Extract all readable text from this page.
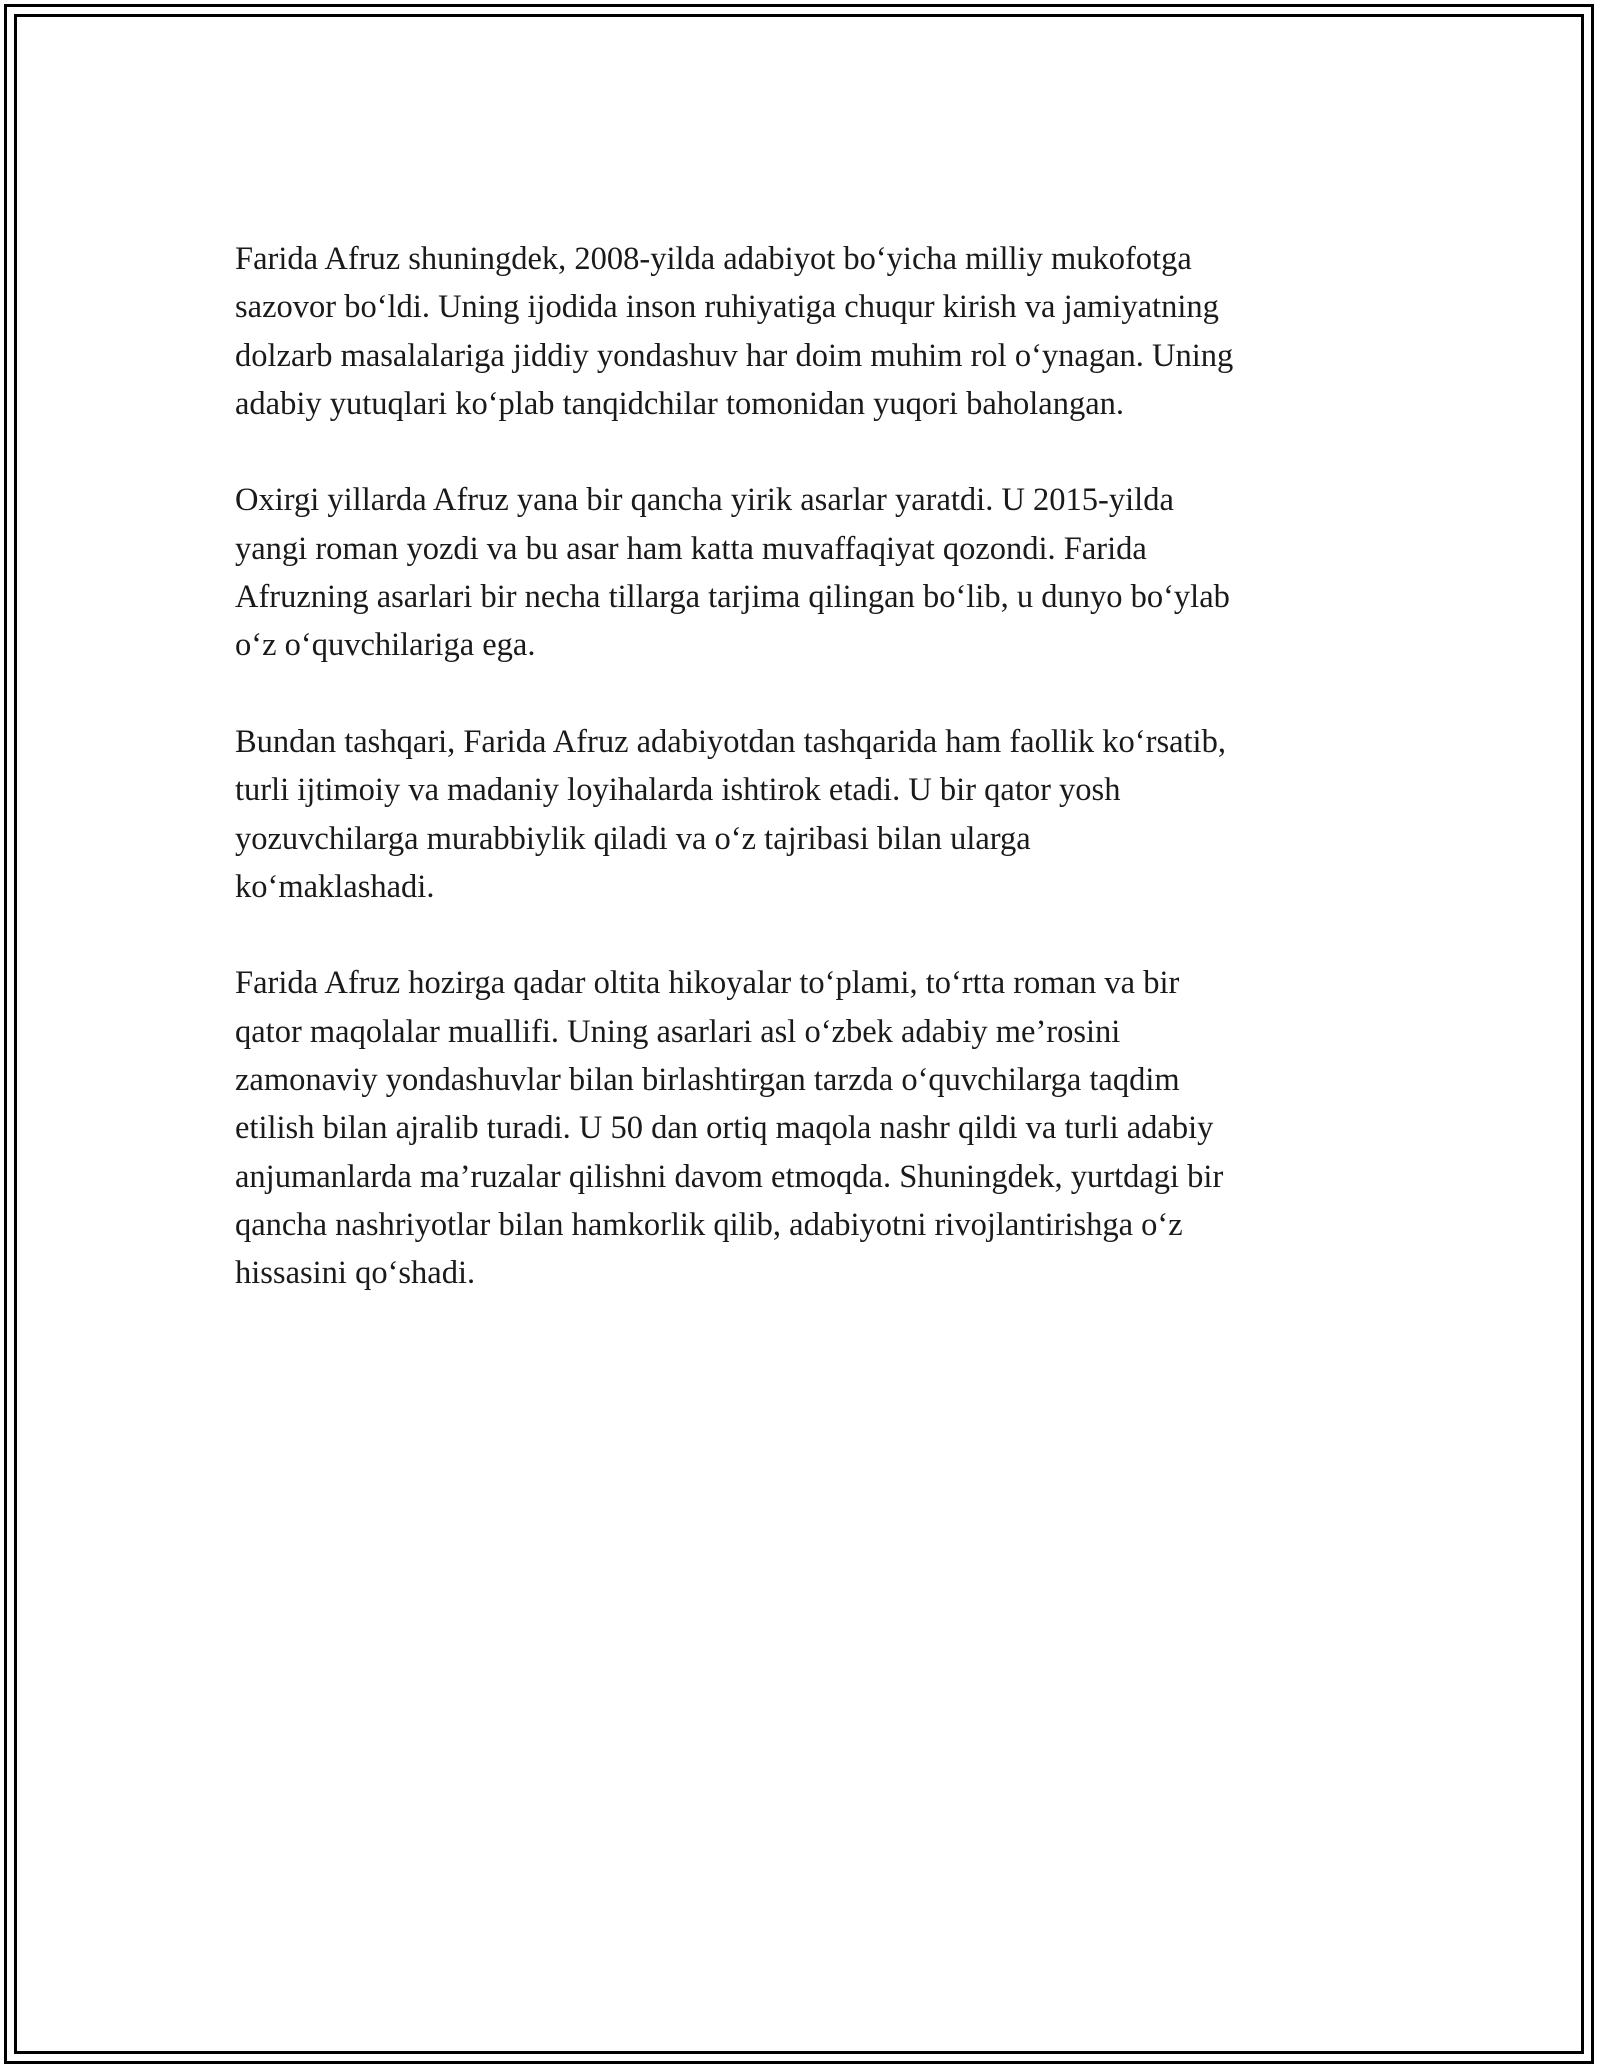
Farida Afruz shuningdek, 2008-yilda adabiyot bo‘yicha milliy mukofotga
sazovor bo‘ldi. Uning ijodida inson ruhiyatiga chuqur kirish va jamiyatning
dolzarb masalalariga jiddiy yondashuv har doim muhim rol o‘ynagan. Uning
adabiy yutuqlari ko‘plab tanqidchilar tomonidan yuqori baholangan.

Oxirgi yillarda Afruz yana bir qancha yirik asarlar yaratdi. U 2015-yilda
yangi roman yozdi va bu asar ham katta muvaffaqiyat qozondi. Farida
Afruzning asarlari bir necha tillarga tarjima qilingan bo‘lib, u dunyo bo‘ylab
o‘z o‘quvchilariga ega.

Bundan tashqari, Farida Afruz adabiyotdan tashqarida ham faollik ko‘rsatib,
turli ijtimoiy va madaniy loyihalarda ishtirok etadi. U bir qator yosh
yozuvchilarga murabbiylik qiladi va o‘z tajribasi bilan ularga
ko‘maklashadi.

Farida Afruz hozirga qadar oltita hikoyalar to‘plami, to‘rtta roman va bir
qator maqolalar muallifi. Uning asarlari asl o‘zbek adabiy me’rosini
zamonaviy yondashuvlar bilan birlashtirgan tarzda o‘quvchilarga taqdim
etilish bilan ajralib turadi. U 50 dan ortiq maqola nashr qildi va turli adabiy
anjumanlarda ma’ruzalar qilishni davom etmoqda. Shuningdek, yurtdagi bir
qancha nashriyotlar bilan hamkorlik qilib, adabiyotni rivojlantirishga o‘z
hissasini qo‘shadi.
